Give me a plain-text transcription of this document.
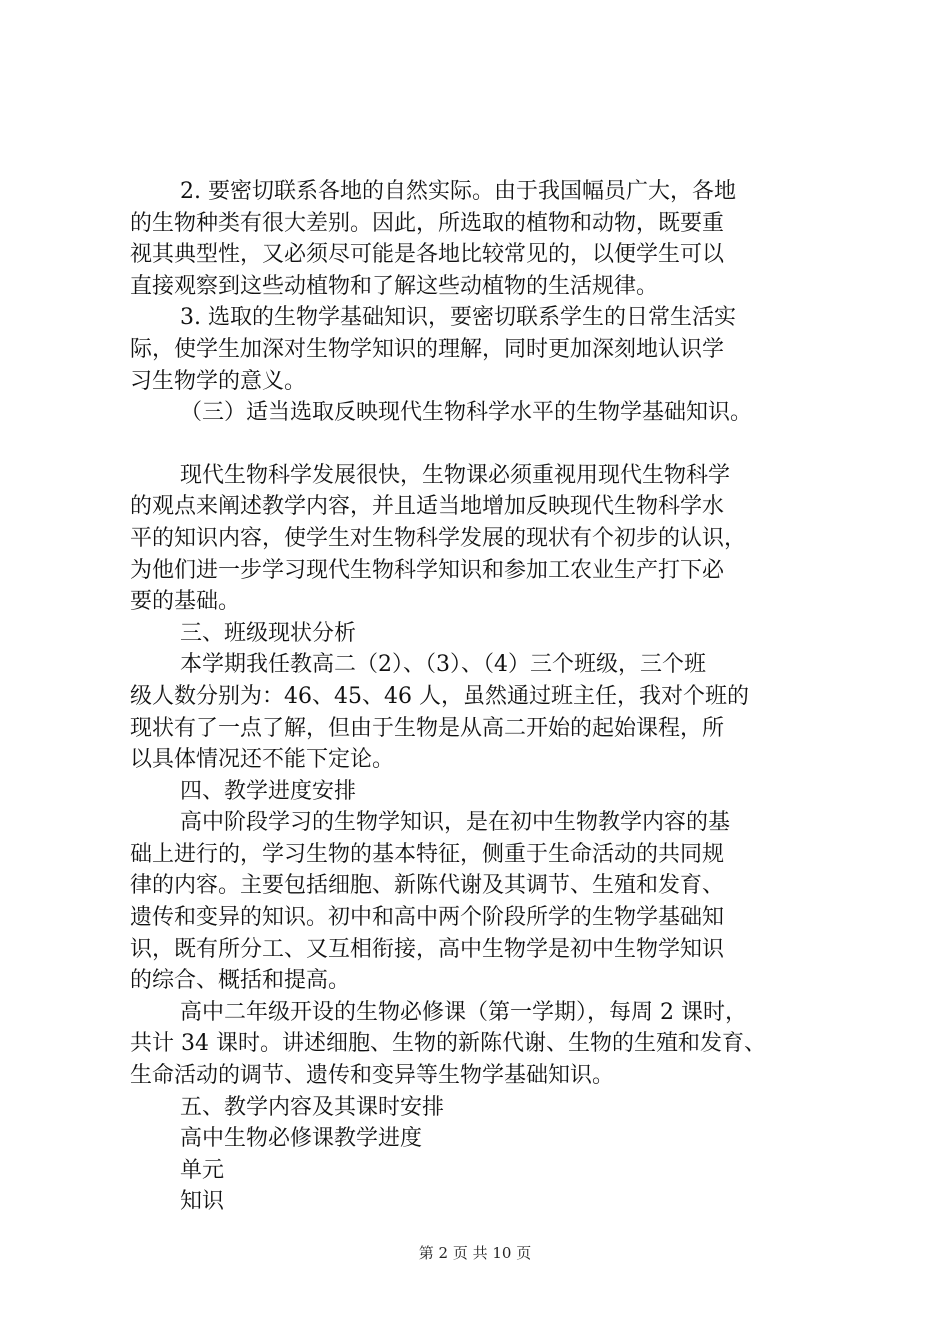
2. 要密切联系各地的自然实际。由于我国幅员广大，各地
的生物种类有很大差别。因此，所选取的植物和动物，既要重
视其典型性，又必须尽可能是各地比较常见的，以便学生可以
直接观察到这些动植物和了解这些动植物的生活规律。
3. 选取的生物学基础知识，要密切联系学生的日常生活实
际，使学生加深对生物学知识的理解，同时更加深刻地认识学
习生物学的意义。
（三）适当选取反映现代生物科学水平的生物学基础知识。
现代生物科学发展很快，生物课必须重视用现代生物科学
的观点来阐述教学内容，并且适当地增加反映现代生物科学水
平的知识内容，使学生对生物科学发展的现状有个初步的认识，
为他们进一步学习现代生物科学知识和参加工农业生产打下必
要的基础。
三、班级现状分析
本学期我任教高二（2）、（3）、（4）三个班级，三个班
级人数分别为：46、45、46 人，虽然通过班主任，我对个班的
现状有了一点了解，但由于生物是从高二开始的起始课程，所
以具体情况还不能下定论。
四、教学进度安排
高中阶段学习的生物学知识，是在初中生物教学内容的基
础上进行的，学习生物的基本特征，侧重于生命活动的共同规
律的内容。主要包括细胞、新陈代谢及其调节、生殖和发育、
遗传和变异的知识。初中和高中两个阶段所学的生物学基础知
识，既有所分工、又互相衔接，高中生物学是初中生物学知识
的综合、概括和提高。
高中二年级开设的生物必修课（第一学期），每周 2 课时，
共计 34 课时。讲述细胞、生物的新陈代谢、生物的生殖和发育、
生命活动的调节、遗传和变异等生物学基础知识。
五、教学内容及其课时安排
高中生物必修课教学进度
单元
知识
第 2 页 共 10 页
